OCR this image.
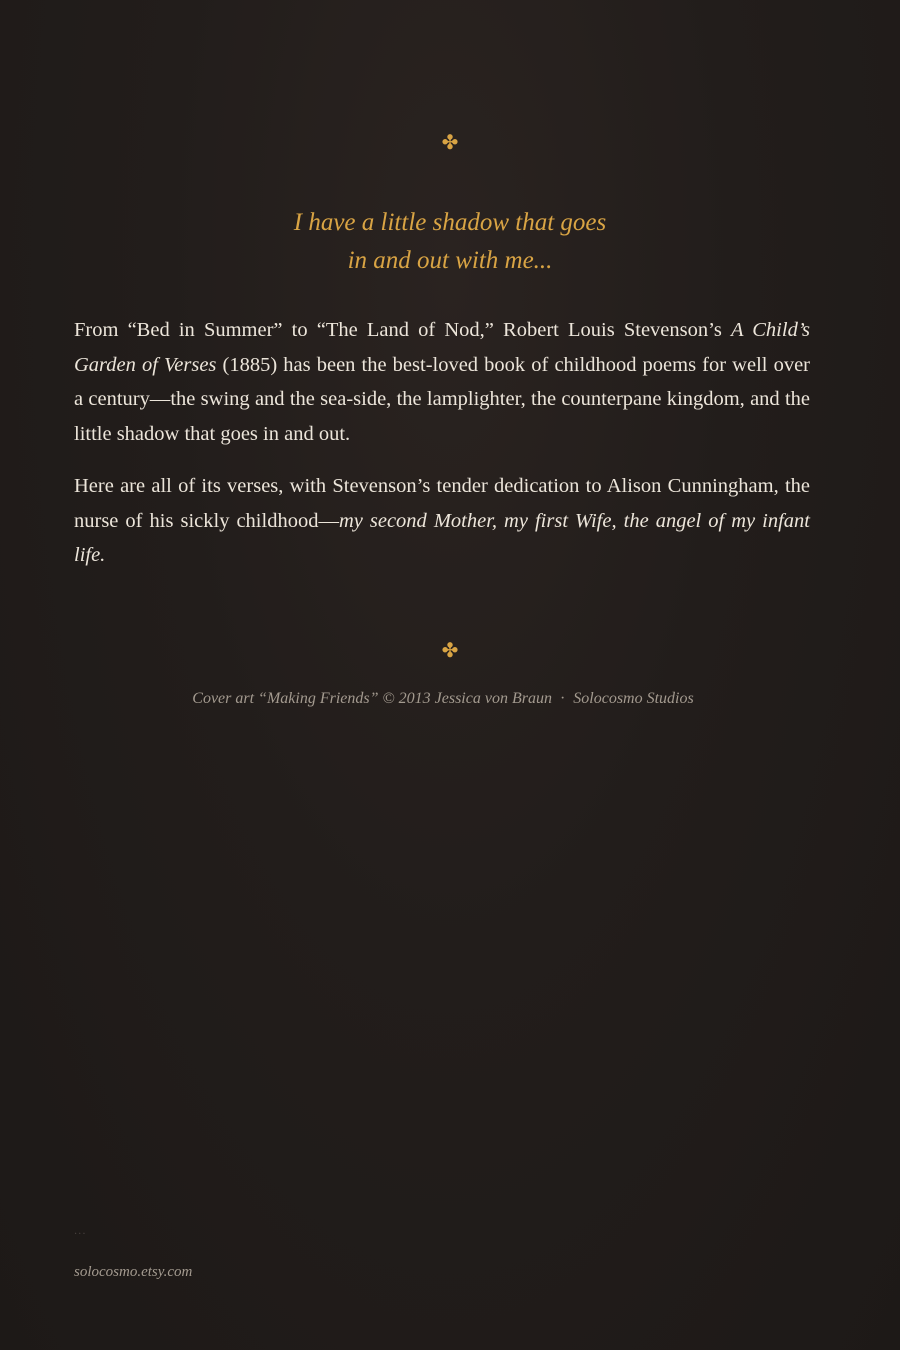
✤
I have a little shadow that goes
in and out with me...

From “Bed in Summer” to “The Land of Nod,” Robert Louis Stevenson’s A Child’s Garden of Verses (1885) has been the best-loved book of childhood poems for well over a century—the swing and the sea-side, the lamplighter, the counterpane kingdom, and the little shadow that goes in and out.

Here are all of its verses, with Stevenson’s tender dedication to Alison Cunningham, the nurse of his sickly childhood—my second Mother, my first Wife, the angel of my infant life.

✤
Cover art “Making Friends” © 2013 Jessica von Braun · Solocosmo Studios
...
solocosmo.etsy.com
